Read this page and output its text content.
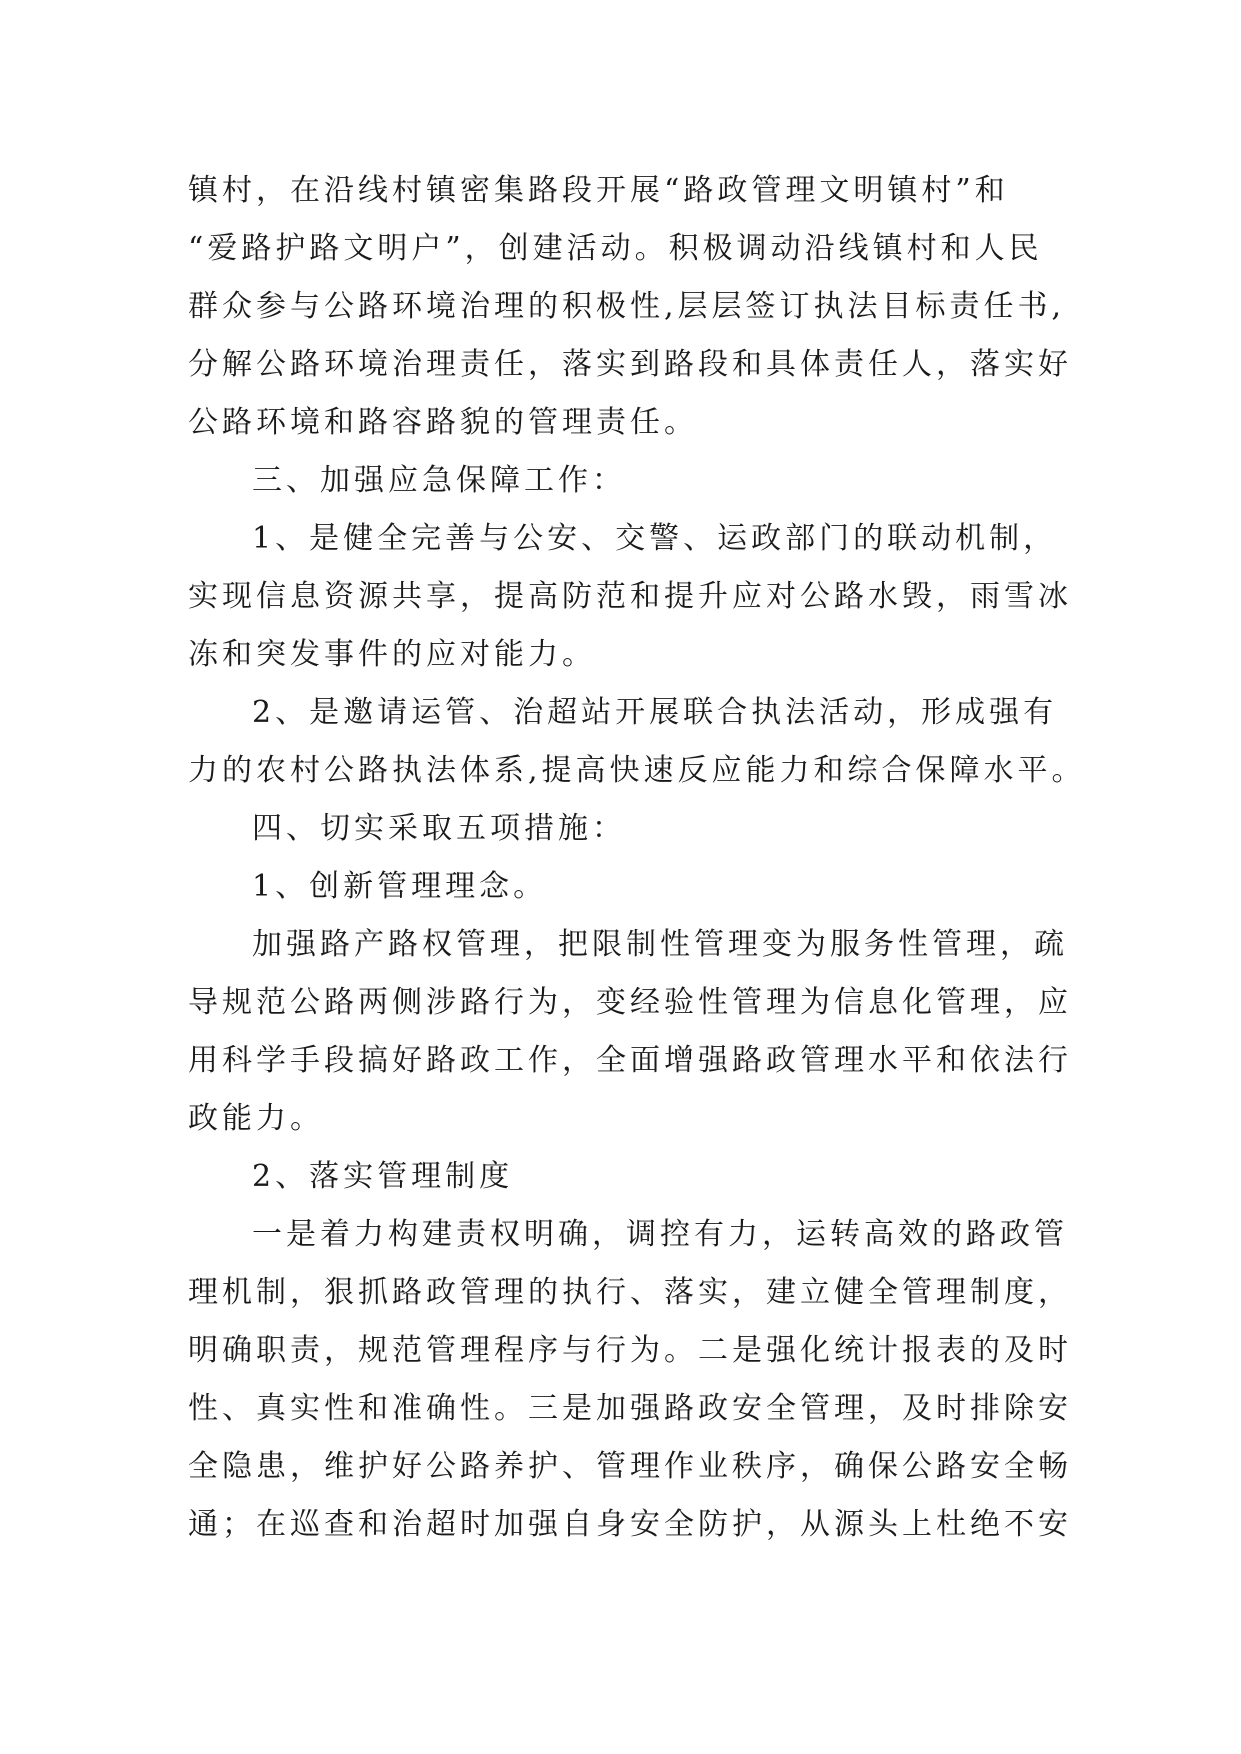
镇村，在沿线村镇密集路段开展“路政管理文明镇村”和
“爱路护路文明户”，创建活动。积极调动沿线镇村和人民
群众参与公路环境治理的积极性,层层签订执法目标责任书,
分解公路环境治理责任，落实到路段和具体责任人，落实好
公路环境和路容路貌的管理责任。
三、加强应急保障工作：
1、是健全完善与公安、交警、运政部门的联动机制，
实现信息资源共享，提高防范和提升应对公路水毁，雨雪冰
冻和突发事件的应对能力。
2、是邀请运管、治超站开展联合执法活动，形成强有
力的农村公路执法体系,提高快速反应能力和综合保障水平。
四、切实采取五项措施：
1、创新管理理念。
加强路产路权管理，把限制性管理变为服务性管理，疏
导规范公路两侧涉路行为，变经验性管理为信息化管理，应
用科学手段搞好路政工作，全面增强路政管理水平和依法行
政能力。
2、落实管理制度
一是着力构建责权明确，调控有力，运转高效的路政管
理机制，狠抓路政管理的执行、落实，建立健全管理制度，
明确职责，规范管理程序与行为。二是强化统计报表的及时
性、真实性和准确性。三是加强路政安全管理，及时排除安
全隐患，维护好公路养护、管理作业秩序，确保公路安全畅
通；在巡查和治超时加强自身安全防护，从源头上杜绝不安
